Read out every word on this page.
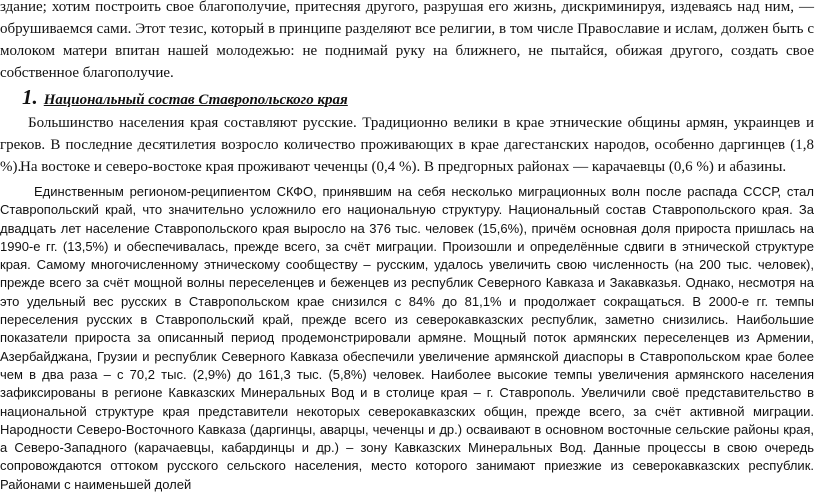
здание; хотим построить свое благополучие, притесняя другого, разрушая его жизнь, дискриминируя, издеваясь над ним, — обрушиваемся сами. Этот тезис, который в принципе разделяют все религии, в том числе Православие и ислам, должен быть с молоком матери впитан нашей молодежью: не поднимай руку на ближнего, не пытайся, обижая другого, создать свое собственное благополучие.

1. Национальный состав Ставропольского края

Большинство населения края составляют русские. Традиционно велики в крае этнические общины армян, украинцев и греков. В последние десятилетия возросло количество проживающих в крае дагестанских народов, особенно даргинцев (1,8 %).

На востоке и северо-востоке края проживают чеченцы (0,4 %). В предгорных районах — карачаевцы (0,6 %) и абазины.

Единственным регионом-реципиентом СКФО, принявшим на себя несколько миграционных волн после распада СССР, стал Ставропольский край, что значительно усложнило его национальную структуру. Национальный состав Ставропольского края. За двадцать лет население Ставропольского края выросло на 376 тыс. человек (15,6%), причём основная доля прироста пришлась на 1990-е гг. (13,5%) и обеспечивалась, прежде всего, за счёт миграции. Произошли и определённые сдвиги в этнической структуре края. Самому многочисленному этническому сообществу – русским, удалось увеличить свою численность (на 200 тыс. человек), прежде всего за счёт мощной волны переселенцев и беженцев из республик Северного Кавказа и Закавказья. Однако, несмотря на это удельный вес русских в Ставропольском крае снизился с 84% до 81,1% и продолжает сокращаться. В 2000-е гг. темпы переселения русских в Ставропольский край, прежде всего из северокавказских республик, заметно снизились. Наибольшие показатели прироста за описанный период продемонстрировали армяне. Мощный поток армянских переселенцев из Армении, Азербайджана, Грузии и республик Северного Кавказа обеспечили увеличение армянской диаспоры в Ставропольском крае более чем в два раза – с 70,2 тыс. (2,9%) до 161,3 тыс. (5,8%) человек. Наиболее высокие темпы увеличения армянского населения зафиксированы в регионе Кавказских Минеральных Вод и в столице края – г. Ставрополь. Увеличили своё представительство в национальной структуре края представители некоторых северокавказских общин, прежде всего, за счёт активной миграции. Народности Северо-Восточного Кавказа (даргинцы, аварцы, чеченцы и др.) осваивают в основном восточные сельские районы края, а Северо-Западного (карачаевцы, кабардинцы и др.) – зону Кавказских Минеральных Вод. Данные процессы в свою очередь сопровождаются оттоком русского сельского населения, место которого занимают приезжие из северокавказских республик. Районами с наименьшей долей
